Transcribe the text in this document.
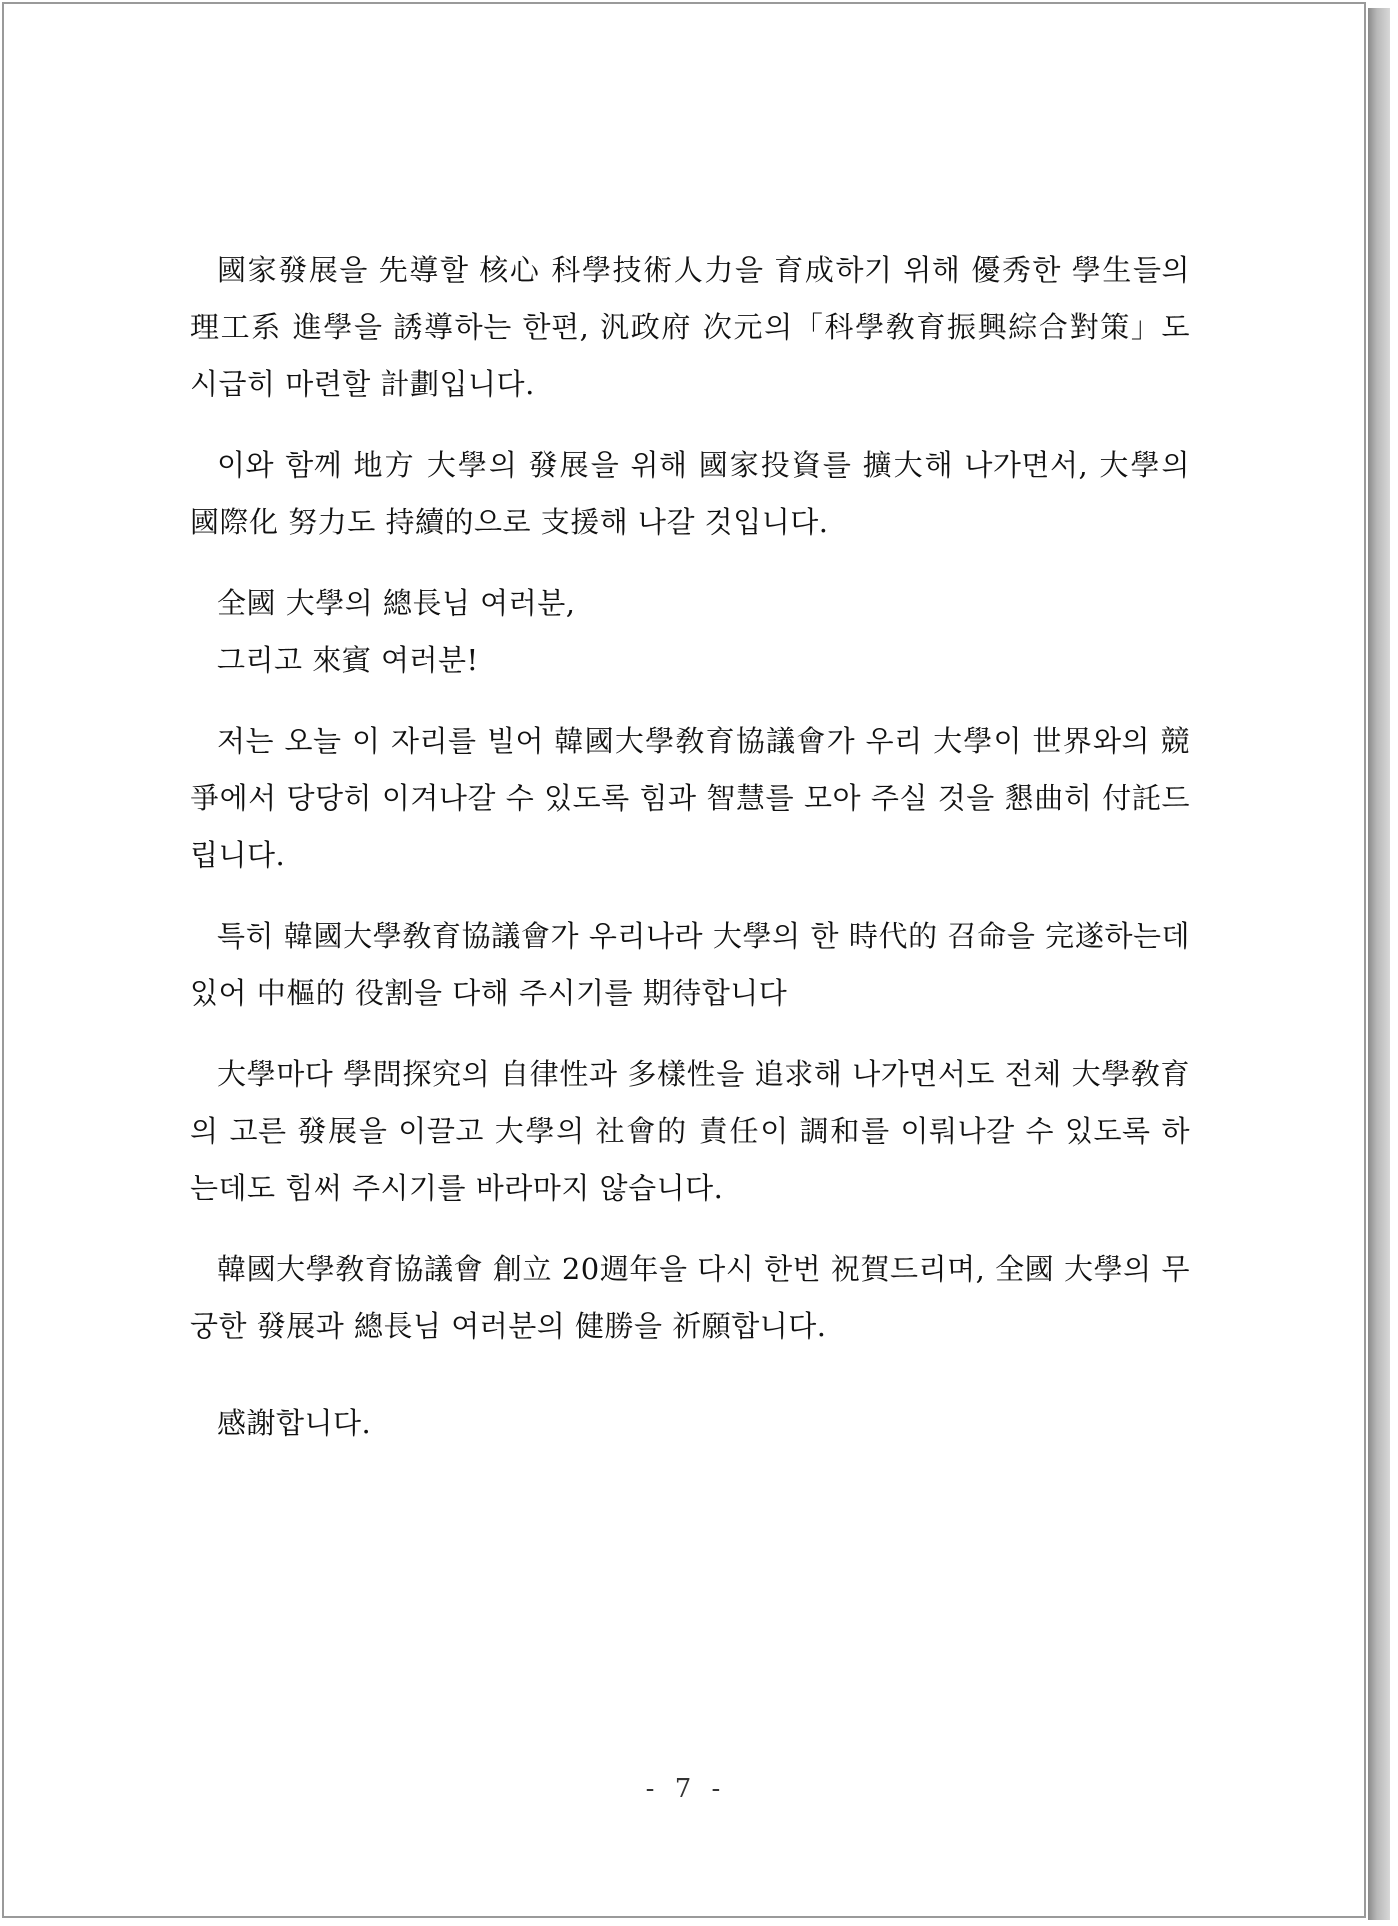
國家發展을 先導할 核心 科學技術人力을 育成하기 위해 優秀한 學生들의 理工系 進學을 誘導하는 한편, 汎政府 次元의「科學敎育振興綜合對策」도 시급히 마련할 計劃입니다.

이와 함께 地方 大學의 發展을 위해 國家投資를 擴大해 나가면서, 大學의 國際化 努力도 持續的으로 支援해 나갈 것입니다.

全國 大學의 總長님 여러분,

그리고 來賓 여러분!

저는 오늘 이 자리를 빌어 韓國大學敎育協議會가 우리 大學이 世界와의 競爭에서 당당히 이겨나갈 수 있도록 힘과 智慧를 모아 주실 것을 懇曲히 付託드립니다.

특히 韓國大學敎育協議會가 우리나라 大學의 한 時代的 召命을 完遂하는데 있어 中樞的 役割을 다해 주시기를 期待합니다

大學마다 學問探究의 自律性과 多樣性을 追求해 나가면서도 전체 大學敎育의 고른 發展을 이끌고 大學의 社會的 責任이 調和를 이뤄나갈 수 있도록 하는데도 힘써 주시기를 바라마지 않습니다.

韓國大學敎育協議會 創立 20週年을 다시 한번 祝賀드리며, 全國 大學의 무궁한 發展과 總長님 여러분의 健勝을 祈願합니다.

感謝합니다.

- 7 -
